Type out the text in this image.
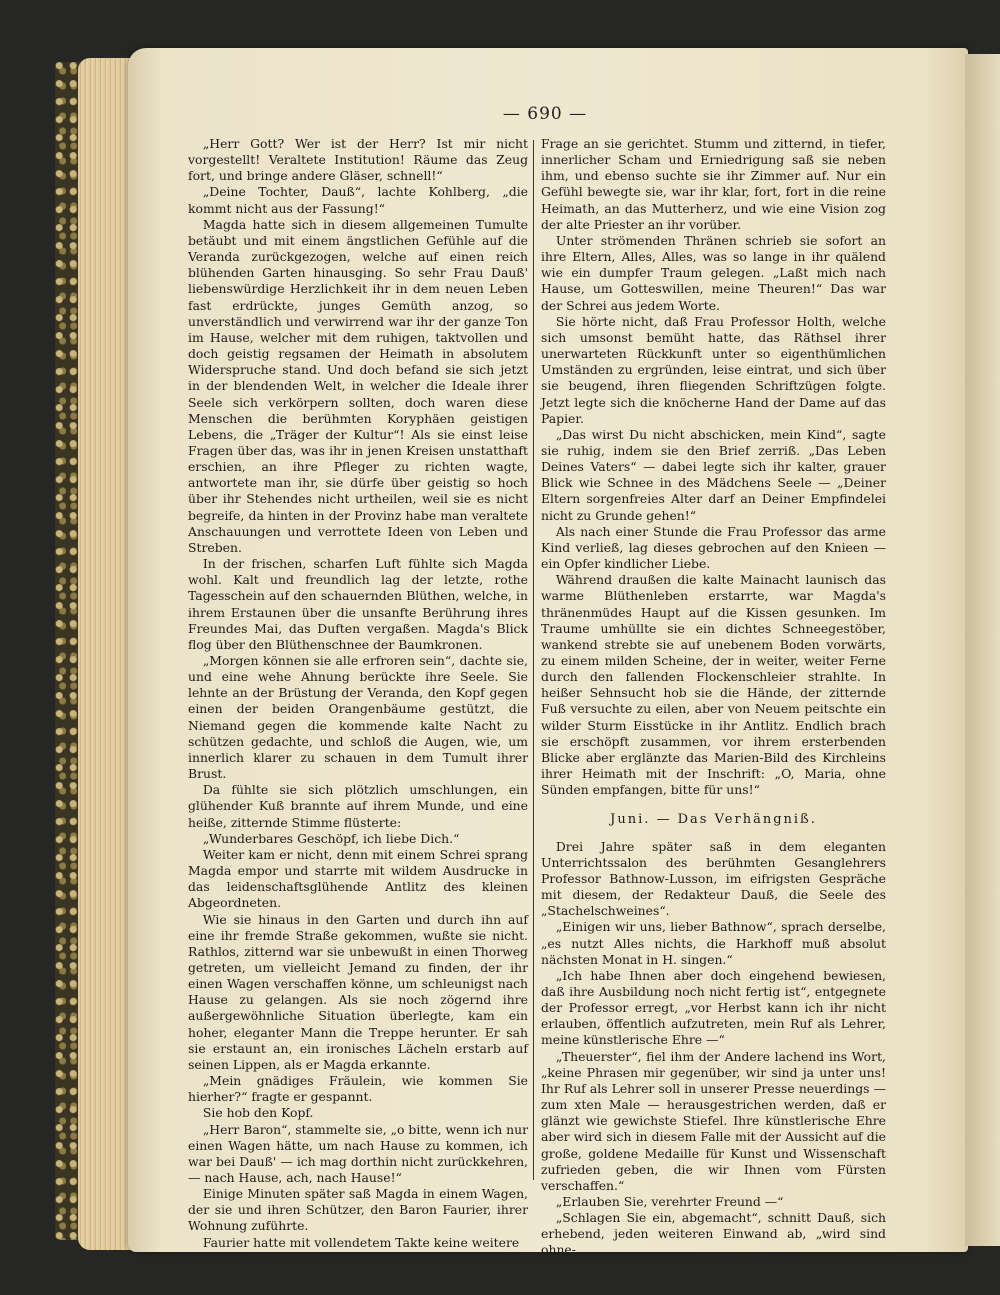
— 690 —

„Herr Gott? Wer ist der Herr? Ist mir nicht vorgestellt! Veraltete Institution! Räume das Zeug fort, und bringe andere Gläser, schnell!“

„Deine Tochter, Dauß“, lachte Kohlberg, „die kommt nicht aus der Fassung!“

Magda hatte sich in diesem allgemeinen Tumulte betäubt und mit einem ängstlichen Gefühle auf die Veranda zurückgezogen, welche auf einen reich blühenden Garten hinausging. So sehr Frau Dauß' liebenswürdige Herzlichkeit ihr in dem neuen Leben fast erdrückte, junges Gemüth anzog, so unverständlich und verwirrend war ihr der ganze Ton im Hause, welcher mit dem ruhigen, taktvollen und doch geistig regsamen der Heimath in absolutem Widerspruche stand. Und doch befand sie sich jetzt in der blendenden Welt, in welcher die Ideale ihrer Seele sich verkörpern sollten, doch waren diese Menschen die berühmten Koryphäen geistigen Lebens, die „Träger der Kultur“! Als sie einst leise Fragen über das, was ihr in jenen Kreisen unstatthaft erschien, an ihre Pfleger zu richten wagte, antwortete man ihr, sie dürfe über geistig so hoch über ihr Stehendes nicht urtheilen, weil sie es nicht begreife, da hinten in der Provinz habe man veraltete Anschauungen und verrottete Ideen von Leben und Streben.

In der frischen, scharfen Luft fühlte sich Magda wohl. Kalt und freundlich lag der letzte, rothe Tagesschein auf den schauernden Blüthen, welche, in ihrem Erstaunen über die unsanfte Berührung ihres Freundes Mai, das Duften vergaßen. Magda's Blick flog über den Blüthenschnee der Baumkronen.

„Morgen können sie alle erfroren sein“, dachte sie, und eine wehe Ahnung berückte ihre Seele. Sie lehnte an der Brüstung der Veranda, den Kopf gegen einen der beiden Orangenbäume gestützt, die Niemand gegen die kommende kalte Nacht zu schützen gedachte, und schloß die Augen, wie, um innerlich klarer zu schauen in dem Tumult ihrer Brust.

Da fühlte sie sich plötzlich umschlungen, ein glühender Kuß brannte auf ihrem Munde, und eine heiße, zitternde Stimme flüsterte:

„Wunderbares Geschöpf, ich liebe Dich.“

Weiter kam er nicht, denn mit einem Schrei sprang Magda empor und starrte mit wildem Ausdrucke in das leidenschaftsglühende Antlitz des kleinen Abgeordneten.

Wie sie hinaus in den Garten und durch ihn auf eine ihr fremde Straße gekommen, wußte sie nicht. Rathlos, zitternd war sie unbewußt in einen Thorweg getreten, um vielleicht Jemand zu finden, der ihr einen Wagen verschaffen könne, um schleunigst nach Hause zu gelangen. Als sie noch zögernd ihre außergewöhnliche Situation überlegte, kam ein hoher, eleganter Mann die Treppe herunter. Er sah sie erstaunt an, ein ironisches Lächeln erstarb auf seinen Lippen, als er Magda erkannte.

„Mein gnädiges Fräulein, wie kommen Sie hierher?“ fragte er gespannt.

Sie hob den Kopf.

„Herr Baron“, stammelte sie, „o bitte, wenn ich nur einen Wagen hätte, um nach Hause zu kommen, ich war bei Dauß' — ich mag dorthin nicht zurückkehren, — nach Hause, ach, nach Hause!“

Einige Minuten später saß Magda in einem Wagen, der sie und ihren Schützer, den Baron Faurier, ihrer Wohnung zuführte.

Faurier hatte mit vollendetem Takte keine weitere

Frage an sie gerichtet. Stumm und zitternd, in tiefer, innerlicher Scham und Erniedrigung saß sie neben ihm, und ebenso suchte sie ihr Zimmer auf. Nur ein Gefühl bewegte sie, war ihr klar, fort, fort in die reine Heimath, an das Mutterherz, und wie eine Vision zog der alte Priester an ihr vorüber.

Unter strömenden Thränen schrieb sie sofort an ihre Eltern, Alles, Alles, was so lange in ihr quälend wie ein dumpfer Traum gelegen. „Laßt mich nach Hause, um Gotteswillen, meine Theuren!“ Das war der Schrei aus jedem Worte.

Sie hörte nicht, daß Frau Professor Holth, welche sich umsonst bemüht hatte, das Räthsel ihrer unerwarteten Rückkunft unter so eigenthümlichen Umständen zu ergründen, leise eintrat, und sich über sie beugend, ihren fliegenden Schriftzügen folgte. Jetzt legte sich die knöcherne Hand der Dame auf das Papier.

„Das wirst Du nicht abschicken, mein Kind“, sagte sie ruhig, indem sie den Brief zerriß. „Das Leben Deines Vaters“ — dabei legte sich ihr kalter, grauer Blick wie Schnee in des Mädchens Seele — „Deiner Eltern sorgenfreies Alter darf an Deiner Empfindelei nicht zu Grunde gehen!“

Als nach einer Stunde die Frau Professor das arme Kind verließ, lag dieses gebrochen auf den Knieen — ein Opfer kindlicher Liebe.

Während draußen die kalte Mainacht launisch das warme Blüthenleben erstarrte, war Magda's thränenmüdes Haupt auf die Kissen gesunken. Im Traume umhüllte sie ein dichtes Schneegestöber, wankend strebte sie auf unebenem Boden vorwärts, zu einem milden Scheine, der in weiter, weiter Ferne durch den fallenden Flockenschleier strahlte. In heißer Sehnsucht hob sie die Hände, der zitternde Fuß versuchte zu eilen, aber von Neuem peitschte ein wilder Sturm Eisstücke in ihr Antlitz. Endlich brach sie erschöpft zusammen, vor ihrem ersterbenden Blicke aber erglänzte das Marien-Bild des Kirchleins ihrer Heimath mit der Inschrift: „O, Maria, ohne Sünden empfangen, bitte für uns!“

Juni. — Das Verhängniß.

Drei Jahre später saß in dem eleganten Unterrichtssalon des berühmten Gesanglehrers Professor Bathnow-Lusson, im eifrigsten Gespräche mit diesem, der Redakteur Dauß, die Seele des „Stachelschweines“.

„Einigen wir uns, lieber Bathnow“, sprach derselbe, „es nutzt Alles nichts, die Harkhoff muß absolut nächsten Monat in H. singen.“

„Ich habe Ihnen aber doch eingehend bewiesen, daß ihre Ausbildung noch nicht fertig ist“, entgegnete der Professor erregt, „vor Herbst kann ich ihr nicht erlauben, öffentlich aufzutreten, mein Ruf als Lehrer, meine künstlerische Ehre —“

„Theuerster“, fiel ihm der Andere lachend ins Wort, „keine Phrasen mir gegenüber, wir sind ja unter uns! Ihr Ruf als Lehrer soll in unserer Presse neuerdings — zum xten Male — herausgestrichen werden, daß er glänzt wie gewichste Stiefel. Ihre künstlerische Ehre aber wird sich in diesem Falle mit der Aussicht auf die große, goldene Medaille für Kunst und Wissenschaft zufrieden geben, die wir Ihnen vom Fürsten verschaffen.“

„Erlauben Sie, verehrter Freund —“

„Schlagen Sie ein, abgemacht“, schnitt Dauß, sich erhebend, jeden weiteren Einwand ab, „wird sind ohne-
